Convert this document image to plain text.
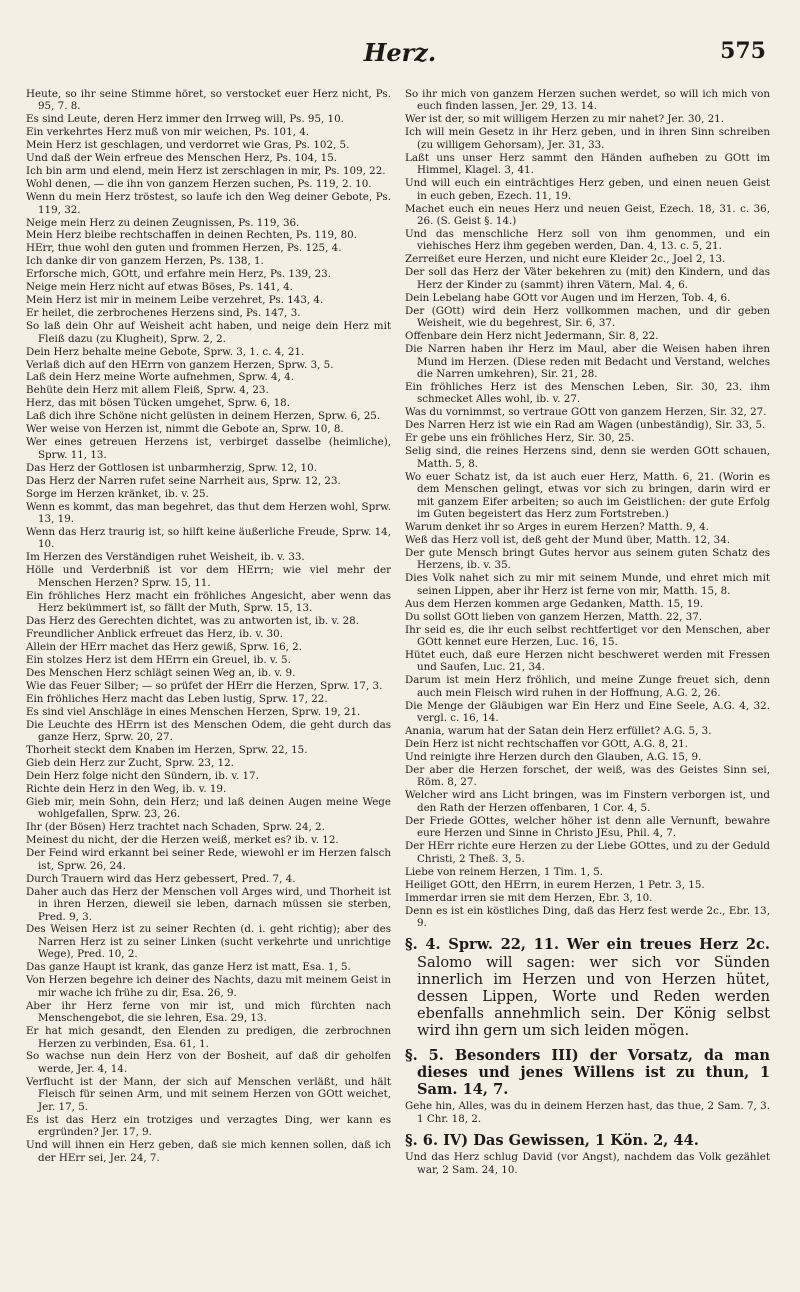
Herz.	575

Heute, so ihr seine Stimme höret, so verstocket euer Herz nicht, Ps. 95, 7. 8.

Es sind Leute, deren Herz immer den Irrweg will, Ps. 95, 10.

Ein verkehrtes Herz muß von mir weichen, Ps. 101, 4.

Mein Herz ist geschlagen, und verdorret wie Gras, Ps. 102, 5.

Und daß der Wein erfreue des Menschen Herz, Ps. 104, 15.

Ich bin arm und elend, mein Herz ist zerschlagen in mir, Ps. 109, 22.

Wohl denen, — die ihn von ganzem Herzen suchen, Ps. 119, 2. 10.

Wenn du mein Herz tröstest, so laufe ich den Weg deiner Gebote, Ps. 119, 32.

Neige mein Herz zu deinen Zeugnissen, Ps. 119, 36.

Mein Herz bleibe rechtschaffen in deinen Rechten, Ps. 119, 80.

HErr, thue wohl den guten und frommen Herzen, Ps. 125, 4.

Ich danke dir von ganzem Herzen, Ps. 138, 1.

Erforsche mich, GOtt, und erfahre mein Herz, Ps. 139, 23.

Neige mein Herz nicht auf etwas Böses, Ps. 141, 4.

Mein Herz ist mir in meinem Leibe verzehret, Ps. 143, 4.

Er heilet, die zerbrochenes Herzens sind, Ps. 147, 3.

So laß dein Ohr auf Weisheit acht haben, und neige dein Herz mit Fleiß dazu (zu Klugheit), Sprw. 2, 2.

Dein Herz behalte meine Gebote, Sprw. 3, 1. c. 4, 21.

Verlaß dich auf den HErrn von ganzem Herzen, Sprw. 3, 5.

Laß dein Herz meine Worte aufnehmen, Sprw. 4, 4.

Behüte dein Herz mit allem Fleiß, Sprw. 4, 23.

Herz, das mit bösen Tücken umgehet, Sprw. 6, 18.

Laß dich ihre Schöne nicht gelüsten in deinem Herzen, Sprw. 6, 25.

Wer weise von Herzen ist, nimmt die Gebote an, Sprw. 10, 8.

Wer eines getreuen Herzens ist, verbirget dasselbe (heimliche), Sprw. 11, 13.

Das Herz der Gottlosen ist unbarmherzig, Sprw. 12, 10.

Das Herz der Narren rufet seine Narrheit aus, Sprw. 12, 23.

Sorge im Herzen kränket, ib. v. 25.

Wenn es kommt, das man begehret, das thut dem Herzen wohl, Sprw. 13, 19.

Wenn das Herz traurig ist, so hilft keine äußerliche Freude, Sprw. 14, 10.

Im Herzen des Verständigen ruhet Weisheit, ib. v. 33.

Hölle und Verderbniß ist vor dem HErrn; wie viel mehr der Menschen Herzen? Sprw. 15, 11.

Ein fröhliches Herz macht ein fröhliches Angesicht, aber wenn das Herz bekümmert ist, so fällt der Muth, Sprw. 15, 13.

Das Herz des Gerechten dichtet, was zu antworten ist, ib. v. 28.

Freundlicher Anblick erfreuet das Herz, ib. v. 30.

Allein der HErr machet das Herz gewiß, Sprw. 16, 2.

Ein stolzes Herz ist dem HErrn ein Greuel, ib. v. 5.

Des Menschen Herz schlägt seinen Weg an, ib. v. 9.

Wie das Feuer Silber; — so prüfet der HErr die Herzen, Sprw. 17, 3.

Ein fröhliches Herz macht das Leben lustig, Sprw. 17, 22.

Es sind viel Anschläge in eines Menschen Herzen, Sprw. 19, 21.

Die Leuchte des HErrn ist des Menschen Odem, die geht durch das ganze Herz, Sprw. 20, 27.

Thorheit steckt dem Knaben im Herzen, Sprw. 22, 15.

Gieb dein Herz zur Zucht, Sprw. 23, 12.

Dein Herz folge nicht den Sündern, ib. v. 17.

Richte dein Herz in den Weg, ib. v. 19.

Gieb mir, mein Sohn, dein Herz; und laß deinen Augen meine Wege wohlgefallen, Sprw. 23, 26.

Ihr (der Bösen) Herz trachtet nach Schaden, Sprw. 24, 2.

Meinest du nicht, der die Herzen weiß, merket es? ib. v. 12.

Der Feind wird erkannt bei seiner Rede, wiewohl er im Herzen falsch ist, Sprw. 26, 24.

Durch Trauern wird das Herz gebessert, Pred. 7, 4.

Daher auch das Herz der Menschen voll Arges wird, und Thorheit ist in ihren Herzen, dieweil sie leben, darnach müssen sie sterben, Pred. 9, 3.

Des Weisen Herz ist zu seiner Rechten (d. i. geht richtig); aber des Narren Herz ist zu seiner Linken (sucht verkehrte und unrichtige Wege), Pred. 10, 2.

Das ganze Haupt ist krank, das ganze Herz ist matt, Esa. 1, 5.

Von Herzen begehre ich deiner des Nachts, dazu mit meinem Geist in mir wache ich frühe zu dir, Esa. 26, 9.

Aber ihr Herz ferne von mir ist, und mich fürchten nach Menschengebot, die sie lehren, Esa. 29, 13.

Er hat mich gesandt, den Elenden zu predigen, die zerbrochnen Herzen zu verbinden, Esa. 61, 1.

So wachse nun dein Herz von der Bosheit, auf daß dir geholfen werde, Jer. 4, 14.

Verflucht ist der Mann, der sich auf Menschen verläßt, und hält Fleisch für seinen Arm, und mit seinem Herzen von GOtt weichet, Jer. 17, 5.

Es ist das Herz ein trotziges und verzagtes Ding, wer kann es ergründen? Jer. 17, 9.

Und will ihnen ein Herz geben, daß sie mich kennen sollen, daß ich der HErr sei, Jer. 24, 7.

So ihr mich von ganzem Herzen suchen werdet, so will ich mich von euch finden lassen, Jer. 29, 13. 14.

Wer ist der, so mit willigem Herzen zu mir nahet? Jer. 30, 21.

Ich will mein Gesetz in ihr Herz geben, und in ihren Sinn schreiben (zu willigem Gehorsam), Jer. 31, 33.

Laßt uns unser Herz sammt den Händen aufheben zu GOtt im Himmel, Klagel. 3, 41.

Und will euch ein einträchtiges Herz geben, und einen neuen Geist in euch geben, Ezech. 11, 19.

Machet euch ein neues Herz und neuen Geist, Ezech. 18, 31. c. 36, 26. (S. Geist §. 14.)

Und das menschliche Herz soll von ihm genommen, und ein viehisches Herz ihm gegeben werden, Dan. 4, 13. c. 5, 21.

Zerreißet eure Herzen, und nicht eure Kleider 2c., Joel 2, 13.

Der soll das Herz der Väter bekehren zu (mit) den Kindern, und das Herz der Kinder zu (sammt) ihren Vätern, Mal. 4, 6.

Dein Lebelang habe GOtt vor Augen und im Herzen, Tob. 4, 6.

Der (GOtt) wird dein Herz vollkommen machen, und dir geben Weisheit, wie du begehrest, Sir. 6, 37.

Offenbare dein Herz nicht Jedermann, Sir. 8, 22.

Die Narren haben ihr Herz im Maul, aber die Weisen haben ihren Mund im Herzen. (Diese reden mit Bedacht und Verstand, welches die Narren umkehren), Sir. 21, 28.

Ein fröhliches Herz ist des Menschen Leben, Sir. 30, 23. ihm schmecket Alles wohl, ib. v. 27.

Was du vornimmst, so vertraue GOtt von ganzem Herzen, Sir. 32, 27.

Des Narren Herz ist wie ein Rad am Wagen (unbeständig), Sir. 33, 5.

Er gebe uns ein fröhliches Herz, Sir. 30, 25.

Selig sind, die reines Herzens sind, denn sie werden GOtt schauen, Matth. 5, 8.

Wo euer Schatz ist, da ist auch euer Herz, Matth. 6, 21. (Worin es dem Menschen gelingt, etwas vor sich zu bringen, darin wird er mit ganzem Eifer arbeiten; so auch im Geistlichen: der gute Erfolg im Guten begeistert das Herz zum Fortstreben.)

Warum denket ihr so Arges in eurem Herzen? Matth. 9, 4.

Weß das Herz voll ist, deß geht der Mund über, Matth. 12, 34.

Der gute Mensch bringt Gutes hervor aus seinem guten Schatz des Herzens, ib. v. 35.

Dies Volk nahet sich zu mir mit seinem Munde, und ehret mich mit seinen Lippen, aber ihr Herz ist ferne von mir, Matth. 15, 8.

Aus dem Herzen kommen arge Gedanken, Matth. 15, 19.

Du sollst GOtt lieben von ganzem Herzen, Matth. 22, 37.

Ihr seid es, die ihr euch selbst rechtfertiget vor den Menschen, aber GOtt kennet eure Herzen, Luc. 16, 15.

Hütet euch, daß eure Herzen nicht beschweret werden mit Fressen und Saufen, Luc. 21, 34.

Darum ist mein Herz fröhlich, und meine Zunge freuet sich, denn auch mein Fleisch wird ruhen in der Hoffnung, A.G. 2, 26.

Die Menge der Gläubigen war Ein Herz und Eine Seele, A.G. 4, 32. vergl. c. 16, 14.

Anania, warum hat der Satan dein Herz erfüllet? A.G. 5, 3.

Dein Herz ist nicht rechtschaffen vor GOtt, A.G. 8, 21.

Und reinigte ihre Herzen durch den Glauben, A.G. 15, 9.

Der aber die Herzen forschet, der weiß, was des Geistes Sinn sei, Röm. 8, 27.

Welcher wird ans Licht bringen, was im Finstern verborgen ist, und den Rath der Herzen offenbaren, 1 Cor. 4, 5.

Der Friede GOttes, welcher höher ist denn alle Vernunft, bewahre eure Herzen und Sinne in Christo JEsu, Phil. 4, 7.

Der HErr richte eure Herzen zu der Liebe GOttes, und zu der Geduld Christi, 2 Theß. 3, 5.

Liebe von reinem Herzen, 1 Tim. 1, 5.

Heiliget GOtt, den HErrn, in eurem Herzen, 1 Petr. 3, 15.

Immerdar irren sie mit dem Herzen, Ebr. 3, 10.

Denn es ist ein köstliches Ding, daß das Herz fest werde 2c., Ebr. 13, 9.

§. 4. Sprw. 22, 11. Wer ein treues Herz 2c. Salomo will sagen: wer sich vor Sünden innerlich im Herzen und von Herzen hütet, dessen Lippen, Worte und Reden werden ebenfalls annehmlich sein. Der König selbst wird ihn gern um sich leiden mögen.

§. 5. Besonders III) der Vorsatz, da man dieses und jenes Willens ist zu thun, 1 Sam. 14, 7.

Gehe hin, Alles, was du in deinem Herzen hast, das thue, 2 Sam. 7, 3. 1 Chr. 18, 2.

§. 6. IV) Das Gewissen, 1 Kön. 2, 44.

Und das Herz schlug David (vor Angst), nachdem das Volk gezählet war, 2 Sam. 24, 10.
